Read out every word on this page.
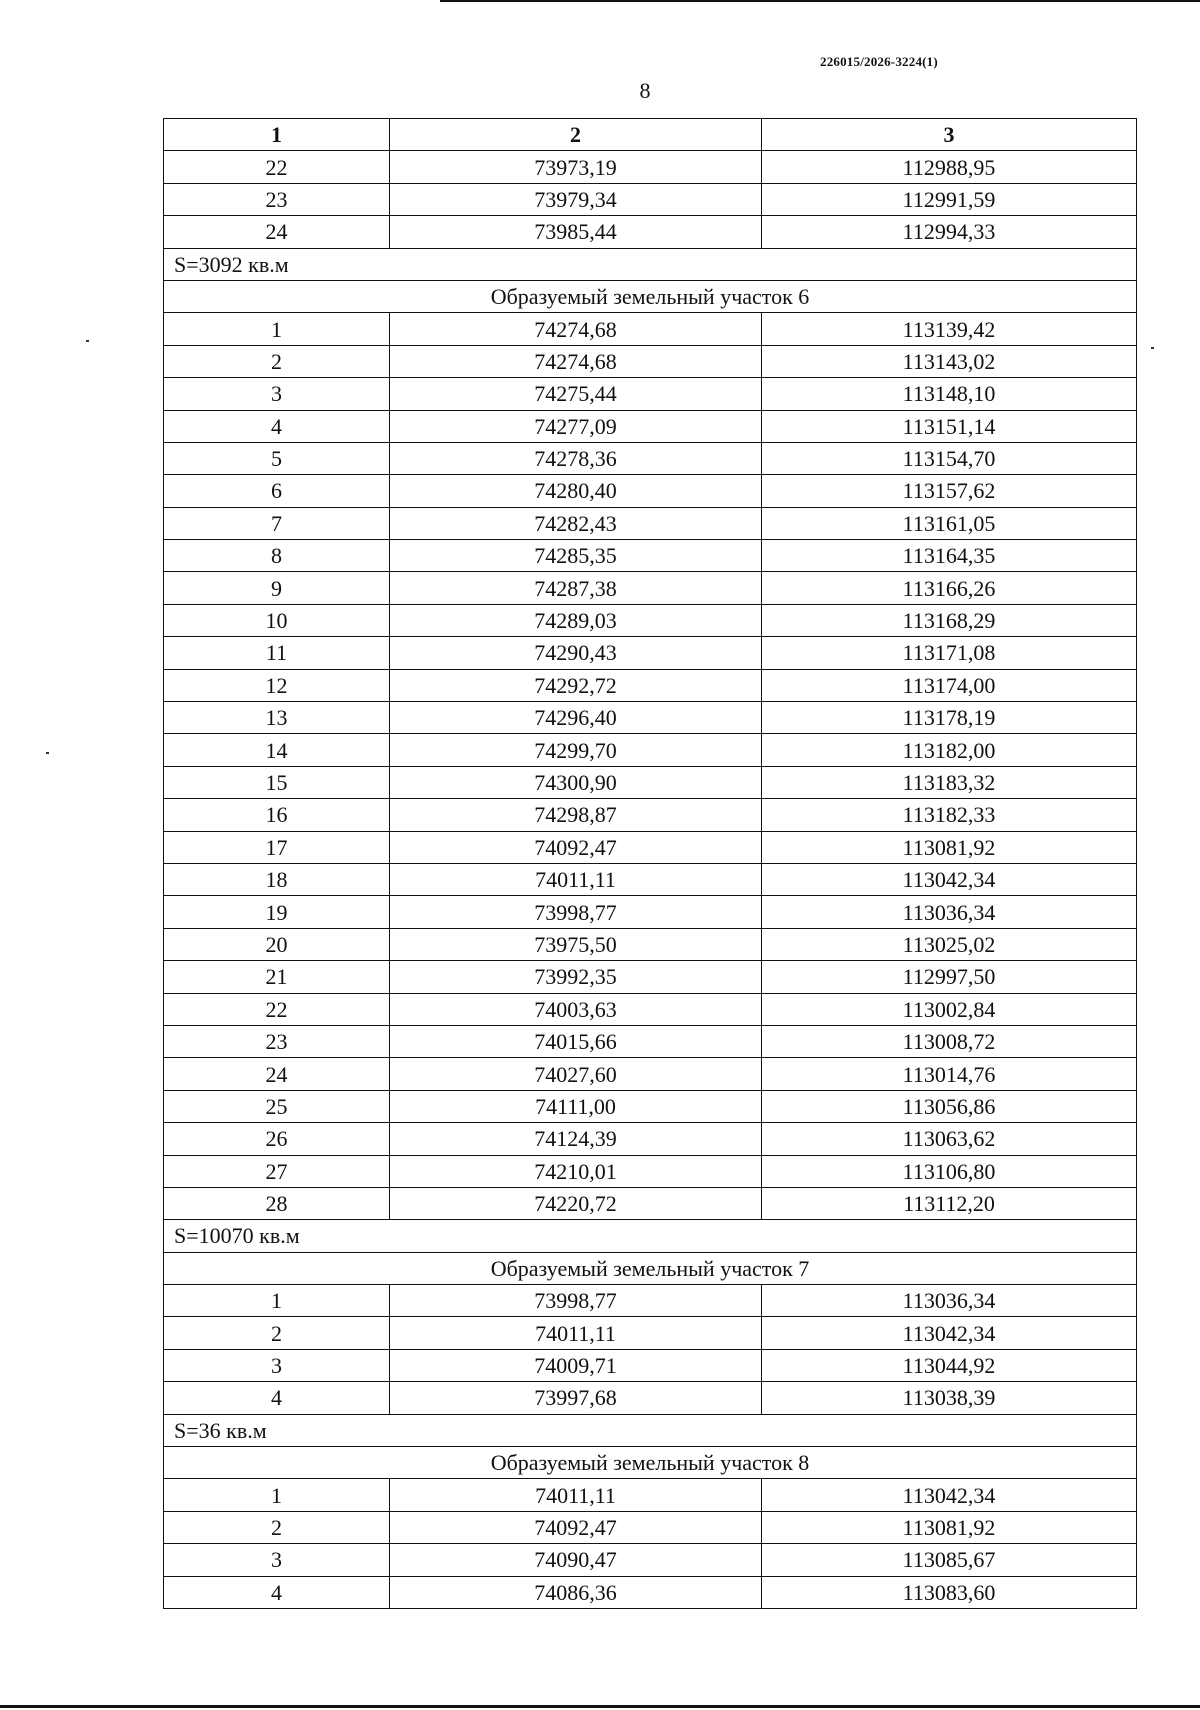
226015/2026-3224(1)
8
1	2	3
22	73973,19	112988,95
23	73979,34	112991,59
24	73985,44	112994,33
S=3092 кв.м		
Образуемый земельный участок 6		
1	74274,68	113139,42
2	74274,68	113143,02
3	74275,44	113148,10
4	74277,09	113151,14
5	74278,36	113154,70
6	74280,40	113157,62
7	74282,43	113161,05
8	74285,35	113164,35
9	74287,38	113166,26
10	74289,03	113168,29
11	74290,43	113171,08
12	74292,72	113174,00
13	74296,40	113178,19
14	74299,70	113182,00
15	74300,90	113183,32
16	74298,87	113182,33
17	74092,47	113081,92
18	74011,11	113042,34
19	73998,77	113036,34
20	73975,50	113025,02
21	73992,35	112997,50
22	74003,63	113002,84
23	74015,66	113008,72
24	74027,60	113014,76
25	74111,00	113056,86
26	74124,39	113063,62
27	74210,01	113106,80
28	74220,72	113112,20
S=10070 кв.м		
Образуемый земельный участок 7		
1	73998,77	113036,34
2	74011,11	113042,34
3	74009,71	113044,92
4	73997,68	113038,39
S=36 кв.м		
Образуемый земельный участок 8		
1	74011,11	113042,34
2	74092,47	113081,92
3	74090,47	113085,67
4	74086,36	113083,60
